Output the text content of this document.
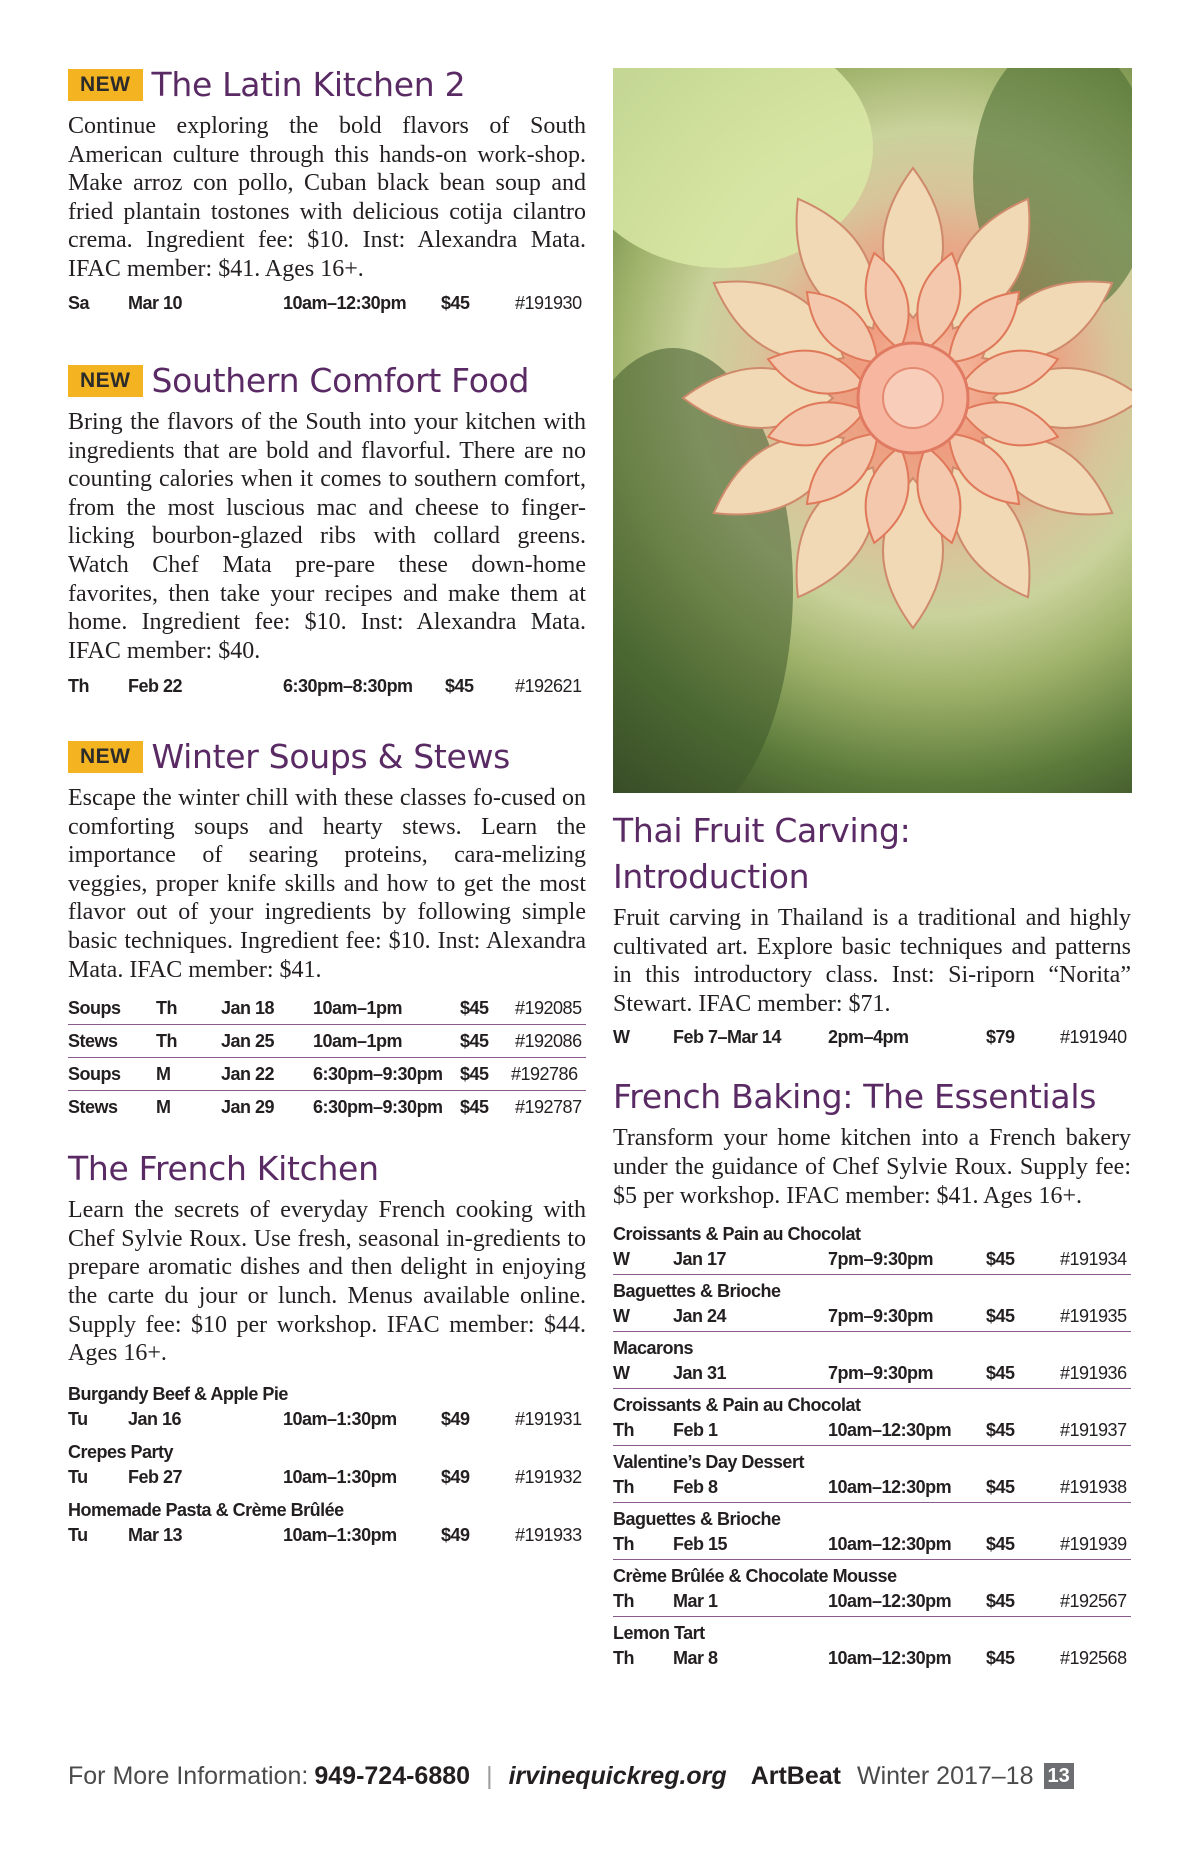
NEW The Latin Kitchen 2

Continue exploring the bold flavors of South American culture through this hands-on work-shop. Make arroz con pollo, Cuban black bean soup and fried plantain tostones with delicious cotija cilantro crema. Ingredient fee: $10. Inst: Alexandra Mata. IFAC member: $41. Ages 16+.

Sa Mar 10	10am–12:30pm $45	#191930
NEW Southern Comfort Food

Bring the flavors of the South into your kitchen with ingredients that are bold and flavorful. There are no counting calories when it comes to southern comfort, from the most luscious mac and cheese to finger-licking bourbon-glazed ribs with collard greens. Watch Chef Mata pre-pare these down-home favorites, then take your recipes and make them at home. Ingredient fee: $10. Inst: Alexandra Mata. IFAC member: $40.

Th Feb 22	6:30pm–8:30pm $45 #192621
NEW Winter Soups & Stews

Escape the winter chill with these classes fo-cused on comforting soups and hearty stews. Learn the importance of searing proteins, cara-melizing veggies, proper knife skills and how to get the most flavor out of your ingredients by following simple basic techniques. Ingredient fee: $10. Inst: Alexandra Mata. IFAC member: $41.

Soups Th Jan 18 10am–1pm	$45 #192085
Stews Th Jan 25 10am–1pm	$45 #192086
Soups M	Jan 22 6:30pm–9:30pm $45 #192786
Stews M	Jan 29 6:30pm–9:30pm $45 #192787
The French Kitchen

Learn the secrets of everyday French cooking with Chef Sylvie Roux. Use fresh, seasonal in-gredients to prepare aromatic dishes and then delight in enjoying the carte du jour or lunch. Menus available online. Supply fee: $10 per workshop. IFAC member: $44. Ages 16+.

Burgandy Beef & Apple Pie
Tu Jan 16	10am–1:30pm $49	#191931
Crepes Party
Tu Feb 27	10am–1:30pm $49	#191932
Homemade Pasta & Crème Brûlée
Tu Mar 13	10am–1:30pm $49	#191933
Thai Fruit Carving:
Introduction

Fruit carving in Thailand is a traditional and highly cultivated art. Explore basic techniques and patterns in this introductory class. Inst: Si-riporn “Norita” Stewart. IFAC member: $71.

W Feb 7–Mar 14	2pm–4pm	$79	#191940
French Baking: The Essentials

Transform your home kitchen into a French bakery under the guidance of Chef Sylvie Roux. Supply fee: $5 per workshop. IFAC member: $41. Ages 16+.

Croissants & Pain au Chocolat
W Jan 17	7pm–9:30pm	$45	#191934
Baguettes & Brioche
W Jan 24	7pm–9:30pm	$45	#191935
Macarons
W Jan 31	7pm–9:30pm	$45	#191936
Croissants & Pain au Chocolat
Th Feb 1	10am–12:30pm $45	#191937
Valentine’s Day Dessert
Th Feb 8	10am–12:30pm $45	#191938
Baguettes & Brioche
Th Feb 15	10am–12:30pm $45	#191939
Crème Brûlée & Chocolate Mousse
Th Mar 1	10am–12:30pm $45	#192567
Lemon Tart
Th Mar 8	10am–12:30pm $45	#192568
For More Information: 949-724-6880 | irvinequickreg.org ArtBeat Winter 2017–18 13
